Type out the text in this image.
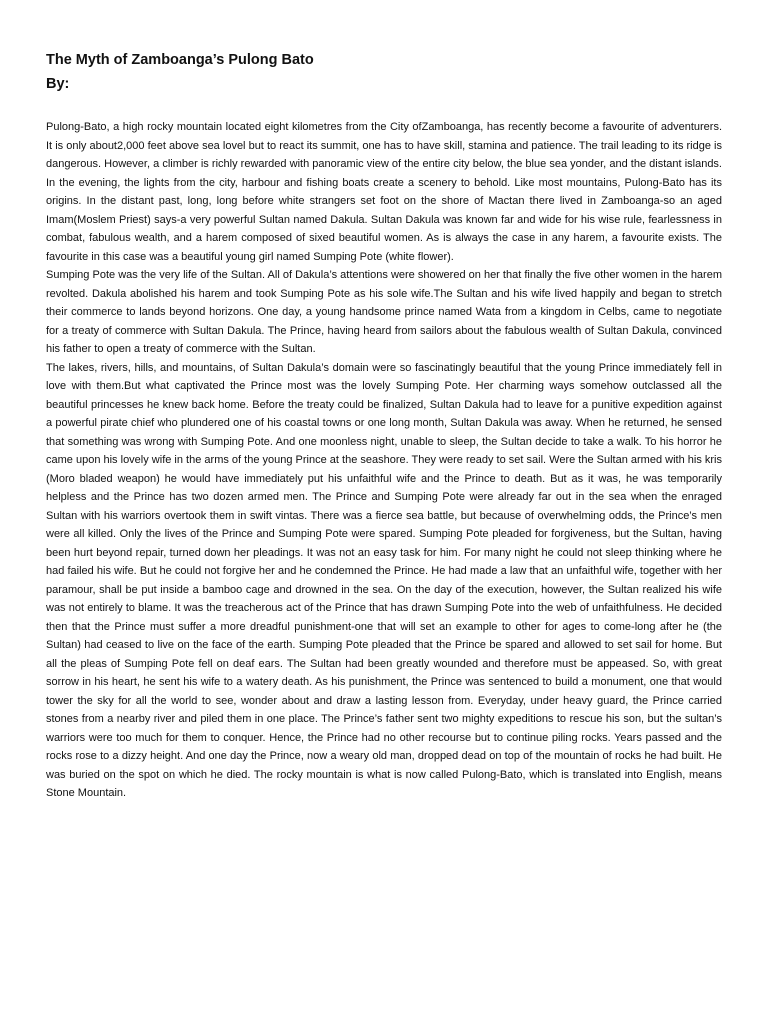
The Myth of Zamboanga’s Pulong Bato
By:

Pulong-Bato, a high rocky mountain located eight kilometres from the City ofZamboanga, has recently become a favourite of adventurers. It is only about2,000 feet above sea lovel but to react its summit, one has to have skill, stamina and patience. The trail leading to its ridge is dangerous. However, a climber is richly rewarded with panoramic view of the entire city below, the blue sea yonder, and the distant islands. In the evening, the lights from the city, harbour and fishing boats create a scenery to behold. Like most mountains, Pulong-Bato has its origins. In the distant past, long, long before white strangers set foot on the shore of Mactan there lived in Zamboanga-so an aged Imam(Moslem Priest) says-a very powerful Sultan named Dakula. Sultan Dakula was known far and wide for his wise rule, fearlessness in combat, fabulous wealth, and a harem composed of sixed beautiful women. As is always the case in any harem, a favourite exists. The favourite in this case was a beautiful young girl named Sumping Pote (white flower).

Sumping Pote was the very life of the Sultan. All of Dakula’s attentions were showered on her that finally the five other women in the harem revolted. Dakula abolished his harem and took Sumping Pote as his sole wife.The Sultan and his wife lived happily and began to stretch their commerce to lands beyond horizons. One day, a young handsome prince named Wata from a kingdom in Celbs, came to negotiate for a treaty of commerce with Sultan Dakula. The Prince, having heard from sailors about the fabulous wealth of Sultan Dakula, convinced his father to open a treaty of commerce with the Sultan.

The lakes, rivers, hills, and mountains, of Sultan Dakula’s domain were so fascinatingly beautiful that the young Prince immediately fell in love with them.But what captivated the Prince most was the lovely Sumping Pote. Her charming ways somehow outclassed all the beautiful princesses he knew back home. Before the treaty could be finalized, Sultan Dakula had to leave for a punitive expedition against a powerful pirate chief who plundered one of his coastal towns or one long month, Sultan Dakula was away. When he returned, he sensed that something was wrong with Sumping Pote. And one moonless night, unable to sleep, the Sultan decide to take a walk. To his horror he came upon his lovely wife in the arms of the young Prince at the seashore. They were ready to set sail. Were the Sultan armed with his kris (Moro bladed weapon) he would have immediately put his unfaithful wife and the Prince to death. But as it was, he was temporarily helpless and the Prince has two dozen armed men. The Prince and Sumping Pote were already far out in the sea when the enraged Sultan with his warriors overtook them in swift vintas. There was a fierce sea battle, but because of overwhelming odds, the Prince’s men were all killed. Only the lives of the Prince and Sumping Pote were spared. Sumping Pote pleaded for forgiveness, but the Sultan, having been hurt beyond repair, turned down her pleadings. It was not an easy task for him. For many night he could not sleep thinking where he had failed his wife. But he could not forgive her and he condemned the Prince. He had made a law that an unfaithful wife, together with her paramour, shall be put inside a bamboo cage and drowned in the sea. On the day of the execution, however, the Sultan realized his wife was not entirely to blame. It was the treacherous act of the Prince that has drawn Sumping Pote into the web of unfaithfulness. He decided then that the Prince must suffer a more dreadful punishment-one that will set an example to other for ages to come-long after he (the Sultan) had ceased to live on the face of the earth. Sumping Pote pleaded that the Prince be spared and allowed to set sail for home. But all the pleas of Sumping Pote fell on deaf ears. The Sultan had been greatly wounded and therefore must be appeased. So, with great sorrow in his heart, he sent his wife to a watery death. As his punishment, the Prince was sentenced to build a monument, one that would tower the sky for all the world to see, wonder about and draw a lasting lesson from. Everyday, under heavy guard, the Prince carried stones from a nearby river and piled them in one place. The Prince’s father sent two mighty expeditions to rescue his son, but the sultan’s warriors were too much for them to conquer. Hence, the Prince had no other recourse but to continue piling rocks. Years passed and the rocks rose to a dizzy height. And one day the Prince, now a weary old man, dropped dead on top of the mountain of rocks he had built. He was buried on the spot on which he died. The rocky mountain is what is now called Pulong-Bato, which is translated into English, means Stone Mountain.
